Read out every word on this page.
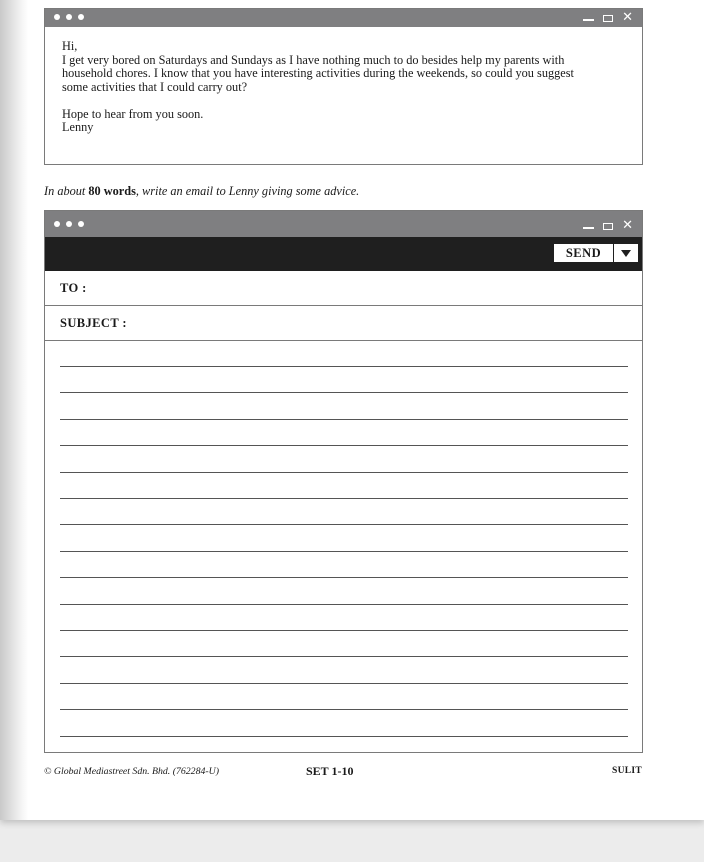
✕

Hi,

I get very bored on Saturdays and Sundays as I have nothing much to do besides help my parents with

household chores. I know that you have interesting activities during the weekends, so could you suggest

some activities that I could carry out?

Hope to hear from you soon.

Lenny

In about 80 words, write an email to Lenny giving some advice.
✕
SEND
TO :
SUBJECT :
© Global Mediastreet Sdn. Bhd. (762284-U)	SET 1-10	SULIT
